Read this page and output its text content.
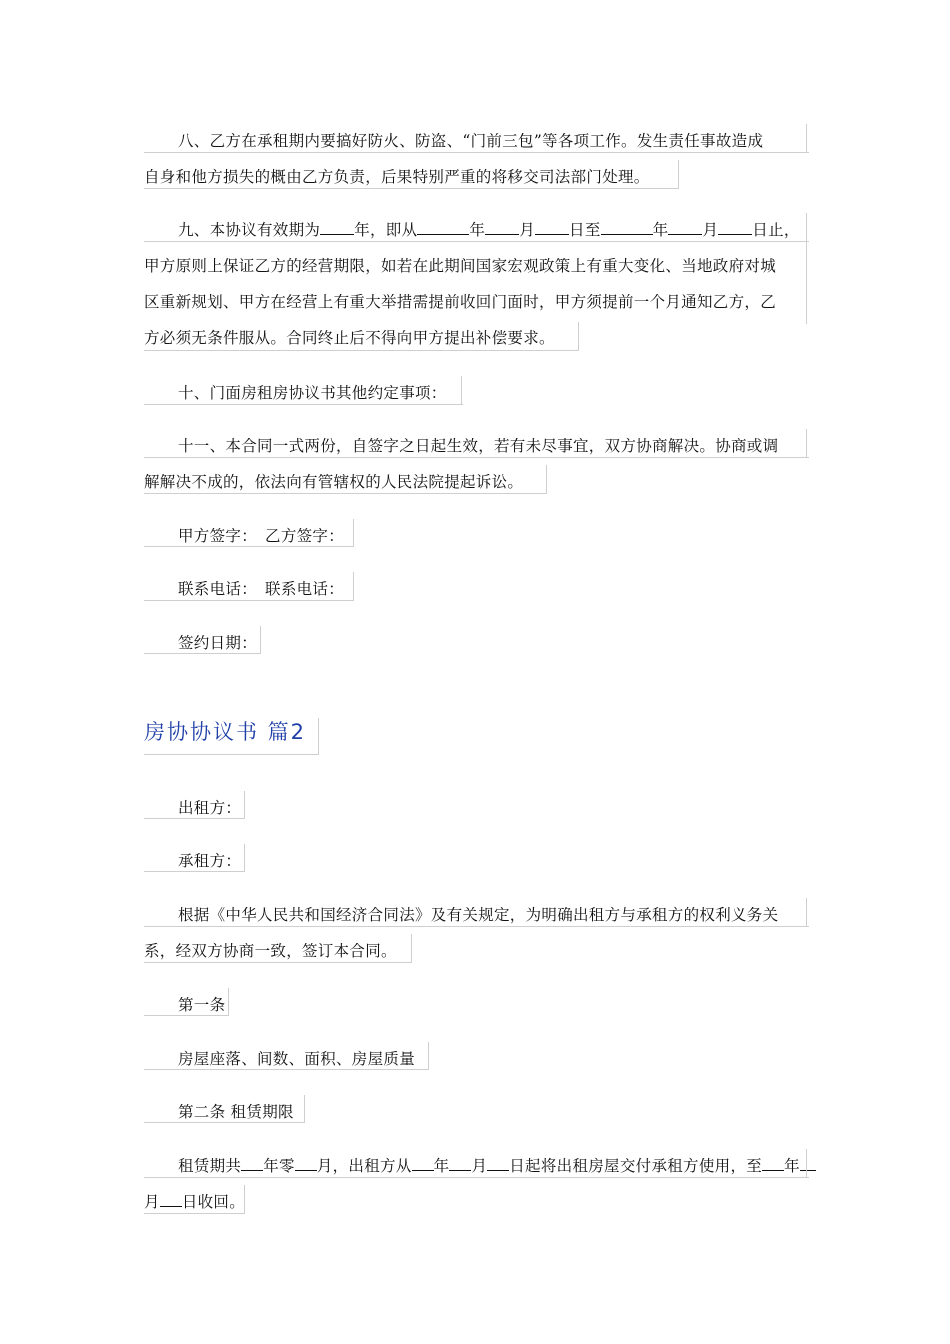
八、乙方在承租期内要搞好防火、防盗、“门前三包”等各项工作。发生责任事故造成
自身和他方损失的概由乙方负责，后果特别严重的将移交司法部门处理。
九、本协议有效期为 年，即从	年 月 日至	年 月 日止，
甲方原则上保证乙方的经营期限，如若在此期间国家宏观政策上有重大变化、当地政府对城
区重新规划、甲方在经营上有重大举措需提前收回门面时，甲方须提前一个月通知乙方，乙
方必须无条件服从。合同终止后不得向甲方提出补偿要求。
十、门面房租房协议书其他约定事项：
十一、本合同一式两份，自签字之日起生效，若有未尽事宜，双方协商解决。协商或调
解解决不成的，依法向有管辖权的人民法院提起诉讼。
甲方签字： 乙方签字：
联系电话： 联系电话：
签约日期：
房协协议书 篇2
出租方：
承租方：
根据《中华人民共和国经济合同法》及有关规定，为明确出租方与承租方的权利义务关
系，经双方协商一致，签订本合同。
第一条
房屋座落、间数、面积、房屋质量
第二条 租赁期限
租赁期共 年零 月，出租方从 年 月 日起将出租房屋交付承租方使用，至 年
月 日收回。
